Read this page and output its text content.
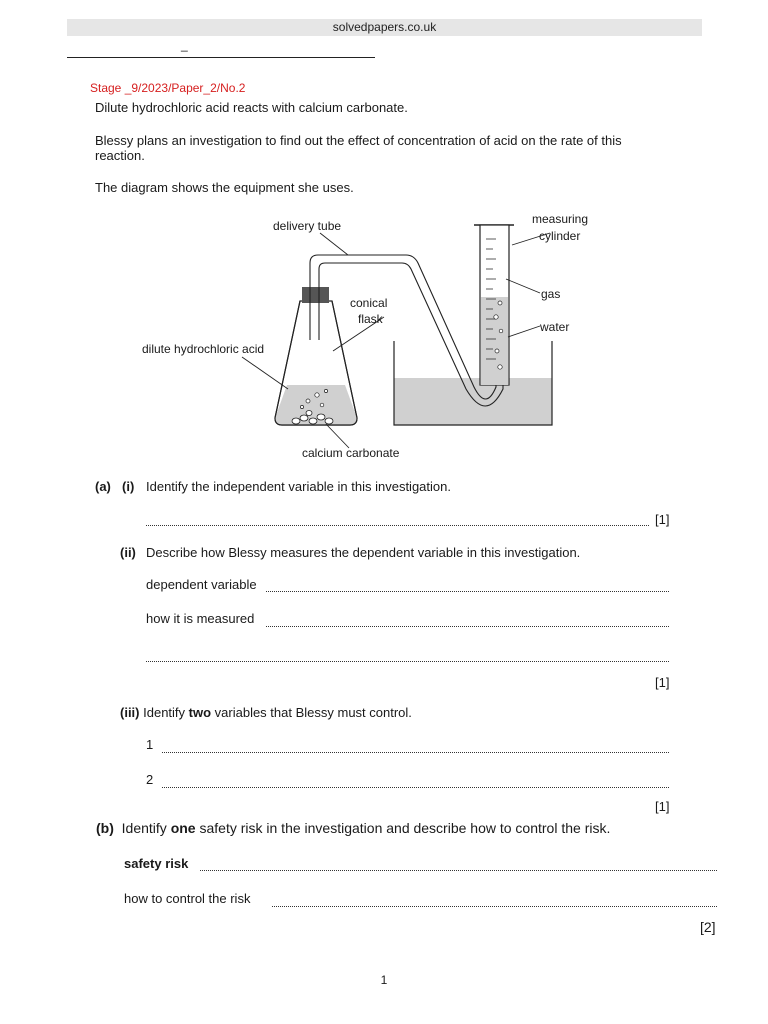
solvedpapers.co.uk
_
Stage _9/2023/Paper_2/No.2
Dilute hydrochloric acid reacts with calcium carbonate.
Blessy plans an investigation to find out the effect of concentration of acid on the rate of this
reaction.
The diagram shows the equipment she uses.
delivery tube	measuring
cylinder
conical
flask
gas
water
dilute hydrochloric acid
calcium carbonate
(a) (i) Identify the independent variable in this investigation.
[1]
(ii) Describe how Blessy measures the dependent variable in this investigation.
dependent variable
how it is measured
[1]
(iii) Identify two variables that Blessy must control.
1
2
[1]
(b) Identify one safety risk in the investigation and describe how to control the risk.
safety risk
how to control the risk
[2]
1
